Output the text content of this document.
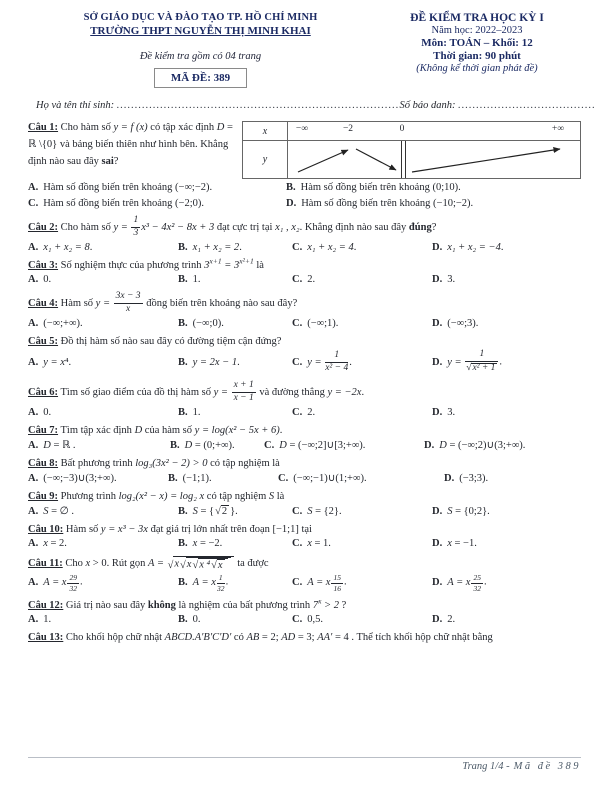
SỞ GIÁO DỤC VÀ ĐÀO TẠO TP. HỒ CHÍ MINH
TRƯỜNG THPT NGUYỄN THỊ MINH KHAI
Đề kiểm tra gồm có 04 trang
MÃ ĐỀ: 389
ĐỀ KIỂM TRA HỌC KỲ I
Năm học: 2022–2023
Môn: TOÁN – Khối: 12
Thời gian: 90 phút
(Không kể thời gian phát đề)
Họ và tên thí sinh: ..............................................................................Số báo danh: ......................................
Câu 1: Cho hàm số y = f (x) có tập xác định D = ℝ \{0} và bảng biến thiên như hình bên. Khẳng định nào sau đây sai?
x	−∞	−2	0	+∞
y
A. Hàm số đồng biến trên khoảng (−∞;−2).	B. Hàm số đồng biến trên khoảng (0;10).
C. Hàm số đồng biến trên khoảng (−2;0).	D. Hàm số đồng biến trên khoảng (−10;−2).
Câu 2: Cho hàm số $y = \frac{1}{3} x^3 - 4x^2 - 8x + 3$ đạt cực trị tại x₁ , x₂. Khẳng định nào sau đây đúng?
A. x₁ + x₂ = 8.	B. x₁ + x₂ = 2.	C. x₁ + x₂ = 4.	D. x₁ + x₂ = −4.
Câu 3: Số nghiệm thực của phương trình $3^{x+1} = 3^{x^2+1}$ là
A. 0.	B. 1.	C. 2.	D. 3.
Câu 4: Hàm số $y = \frac{3x - 3}{x}$ đồng biến trên khoảng nào sau đây?
A. (−∞;+∞).	B. (−∞;0).	C. (−∞;1).	D. (−∞;3).
Câu 5: Đồ thị hàm số nào sau đây có đường tiệm cận đứng?
A. y = x⁴.	B. y = 2x − 1.	C. $y = \frac{1}{\text{x² − 4}}$ .	D. $y = \frac{1}{\text{√ x² + 1}}$ .
Câu 6: Tìm số giao điểm của đồ thị hàm số $y = \frac{x + 1}{x - 1}$ và đường thẳng y = −2x.
A. 0.	B. 1.	C. 2.	D. 3.
Câu 7: Tìm tập xác định D của hàm số y = log(x² − 5x + 6).
A. D = ℝ .	B. D = (0;+∞).	C. D = (−∞;2]∪[3;+∞).	D. D = (−∞;2)∪(3;+∞).
Câu 8: Bất phương trình log₃(3x² − 2) > 0 có tập nghiệm là
A. (−∞;−3)∪(3;+∞).	B. (−1;1).	C. (−∞;−1)∪(1;+∞).	D. (−3;3).
Câu 9: Phương trình log₂(x² − x) = log₂ x có tập nghiệm S là
A. S = ∅ .	B. S = { √ 2 }.	C. S = {2}.	D. S = {0;2}.
Câu 10: Hàm số y = x³ − 3x đạt giá trị lớn nhất trên đoạn [−1;1] tại
A. x = 2.	B. x = −2.	C. x = 1.	D. x = −1.
Câu 11: Cho x > 0. Rút gọn A = √ x √ x √ x ⁴ √ x ta được
A. A = x $^{\frac{29}{32}}$ .	B. A = x $^{\frac{1}{32}}$ .	C. A = x $^{\frac{15}{16}}$ .	D. A = x $^{\frac{25}{32}}$ .
Câu 12: Giá trị nào sau đây không là nghiệm của bất phương trình $7^x > 2$ ?
A. 1.	B. 0.	C. 0,5.	D. 2.
Câu 13: Cho khối hộp chữ nhật ABCD.A′B′C′D′ có AB = 2; AD = 3; AA′ = 4 . Thể tích khối hộp chữ nhật bằng
Trang 1/4 - Mã đề 389
